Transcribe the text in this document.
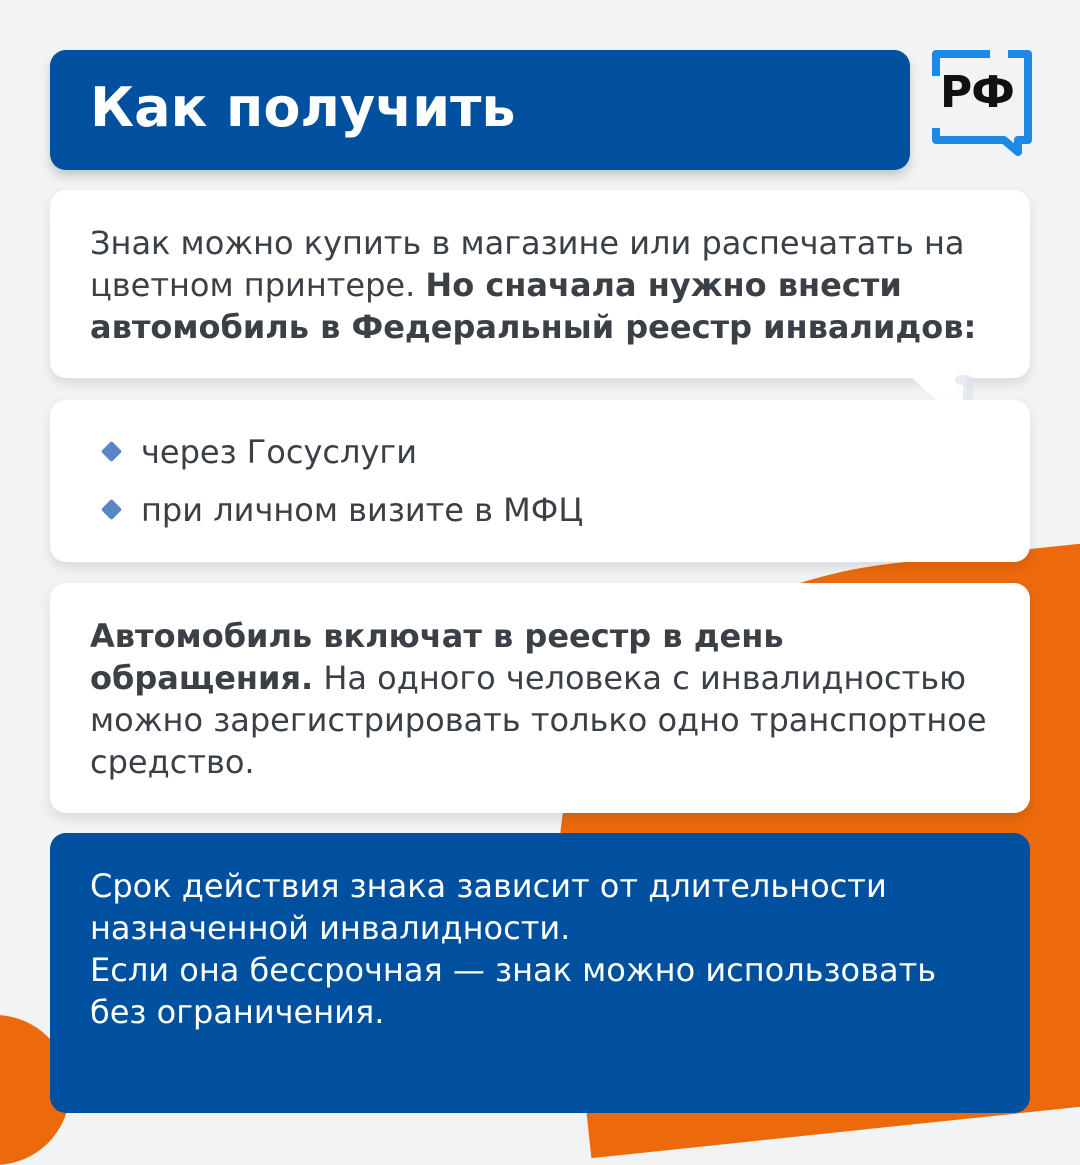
Как получить	РФ
Знак можно купить в магазине или распечатать на цветном принтере. Но сначала нужно внести автомобиль в Федеральный реестр инвалидов:
через Госуслуги
при личном визите в МФЦ
Автомобиль включат в реестр в день обращения. На одного человека с инвалидностью можно зарегистрировать только одно транспортное средство.

Срок действия знака зависит от длительности назначенной инвалидности.

Если она бессрочная — знак можно использовать без ограничения.
